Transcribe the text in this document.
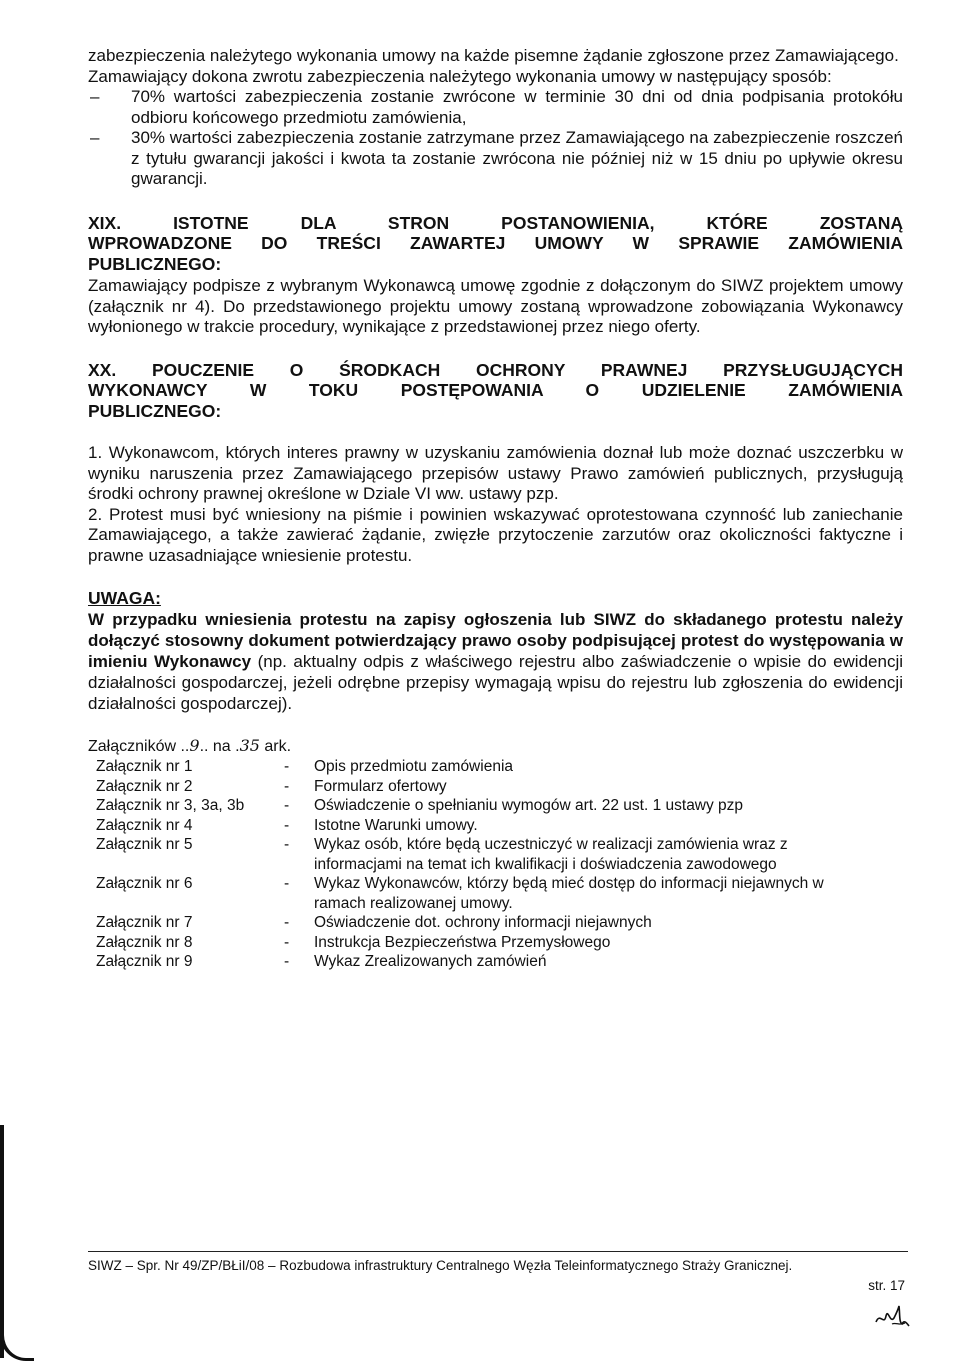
zabezpieczenia należytego wykonania umowy na każde pisemne żądanie zgłoszone przez Zamawiającego.

Zamawiający dokona zwrotu zabezpieczenia należytego wykonania umowy w następujący sposób:

– 70% wartości zabezpieczenia zostanie zwrócone w terminie 30 dni od dnia podpisania protokółu odbioru końcowego przedmiotu zamówienia,
– 30% wartości zabezpieczenia zostanie zatrzymane przez Zamawiającego na zabezpieczenie roszczeń z tytułu gwarancji jakości i kwota ta zostanie zwrócona nie później niż w 15 dniu po upływie okresu gwarancji.
XIX. ISTOTNE DLA STRON POSTANOWIENIA, KTÓRE ZOSTANĄ
WPROWADZONE DO TREŚCI ZAWARTEJ UMOWY W SPRAWIE ZAMÓWIENIA
PUBLICZNEGO:

Zamawiający podpisze z wybranym Wykonawcą umowę zgodnie z dołączonym do SIWZ projektem umowy (załącznik nr 4). Do przedstawionego projektu umowy zostaną wprowadzone zobowiązania Wykonawcy wyłonionego w trakcie procedury, wynikające z przedstawionej przez niego oferty.

XX. POUCZENIE O ŚRODKACH OCHRONY PRAWNEJ PRZYSŁUGUJĄCYCH
WYKONAWCY W TOKU POSTĘPOWANIA O UDZIELENIE ZAMÓWIENIA
PUBLICZNEGO:

1. Wykonawcom, których interes prawny w uzyskaniu zamówienia doznał lub może doznać uszczerbku w wyniku naruszenia przez Zamawiającego przepisów ustawy Prawo zamówień publicznych, przysługują środki ochrony prawnej określone w Dziale VI ww. ustawy pzp.

2. Protest musi być wniesiony na piśmie i powinien wskazywać oprotestowana czynność lub zaniechanie Zamawiającego, a także zawierać żądanie, zwięzłe przytoczenie zarzutów oraz okoliczności faktyczne i prawne uzasadniające wniesienie protestu.

UWAGA:

W przypadku wniesienia protestu na zapisy ogłoszenia lub SIWZ do składanego protestu należy dołączyć stosowny dokument potwierdzający prawo osoby podpisującej protest do występowania w imieniu Wykonawcy (np. aktualny odpis z właściwego rejestru albo zaświadczenie o wpisie do ewidencji działalności gospodarczej, jeżeli odrębne przepisy wymagają wpisu do rejestru lub zgłoszenia do ewidencji działalności gospodarczej).

Załączników ..9.. na .35 ark.

Załącznik nr 1	-	Opis przedmiotu zamówienia
Załącznik nr 2	-	Formularz ofertowy
Załącznik nr 3, 3a, 3b	-	Oświadczenie o spełnianiu wymogów art. 22 ust. 1 ustawy pzp
Załącznik nr 4	-	Istotne Warunki umowy.
Załącznik nr 5	-	Wykaz osób, które będą uczestniczyć w realizacji zamówienia wraz z informacjami na temat ich kwalifikacji i doświadczenia zawodowego
Załącznik nr 6	-	Wykaz Wykonawców, którzy będą mieć dostęp do informacji niejawnych w ramach realizowanej umowy.
Załącznik nr 7	-	Oświadczenie dot. ochrony informacji niejawnych
Załącznik nr 8	-	Instrukcja Bezpieczeństwa Przemysłowego
Załącznik nr 9	-	Wykaz Zrealizowanych zamówień
SIWZ – Spr. Nr 49/ZP/BŁiI/08 – Rozbudowa infrastruktury Centralnego Węzła Teleinformatycznego Straży Granicznej.
str. 17
